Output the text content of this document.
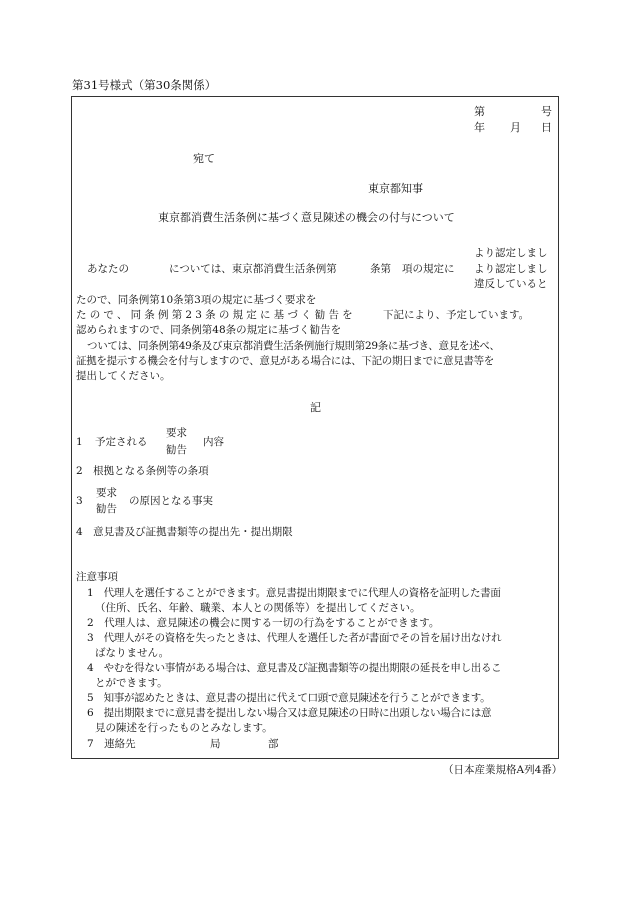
第31号様式（第30条関係）
第	号
年 月 日
宛て
東京都知事
東京都消費生活条例に基づく意見陳述の機会の付与について
より認定しまし
あなたの	については、東京都消費生活条例第	条第 項の規定に より認定しまし
違反していると
たので、同条例第10条第3項の規定に基づく要求を
たので、同条例第23条の規定に基づく勧告を	下記により、予定しています。
認められますので、同条例第48条の規定に基づく勧告を
ついては、同条例第49条及び東京都消費生活条例施行規則第29条に基づき、意見を述べ、
証拠を提示する機会を付与しますので、意見がある場合には、下記の期日までに意見書等を
提出してください。
記
1 予定される
要求
勧告
内容
2　根拠となる条例等の条項
3
要求
勧告
の原因となる事実
4　意見書及び証拠書類等の提出先・提出期限
注意事項
1　代理人を選任することができます。意見書提出期限までに代理人の資格を証明した書面
（住所、氏名、年齢、職業、本人との関係等）を提出してください。
2　代理人は、意見陳述の機会に関する一切の行為をすることができます。
3　代理人がその資格を失ったときは、代理人を選任した者が書面でその旨を届け出なけれ
ばなりません。
4　やむを得ない事情がある場合は、意見書及び証拠書類等の提出期限の延長を申し出るこ
とができます。
5　知事が認めたときは、意見書の提出に代えて口頭で意見陳述を行うことができます。
6　提出期限までに意見書を提出しない場合又は意見陳述の日時に出頭しない場合には意
見の陳述を行ったものとみなします。
7　連絡先	局	部
（日本産業規格A列4番）
